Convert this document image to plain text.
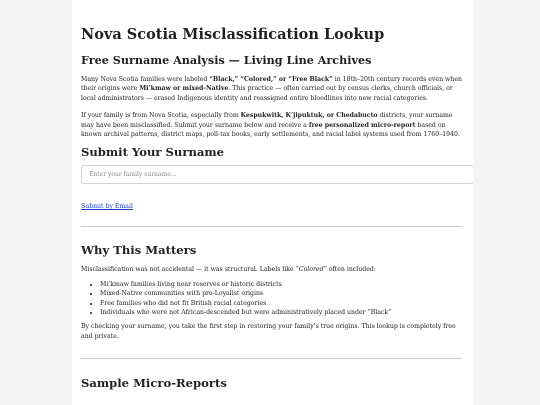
Nova Scotia Misclassification Lookup
Free Surname Analysis — Living Line Archives

Many Nova Scotia families were labeled “Black,” “Colored,” or “Free Black” in 18th–20th century records even when their origins were Mi’kmaw or mixed-Native. This practice — often carried out by census clerks, church officials, or local administrators — erased Indigenous identity and reassigned entire bloodlines into new racial categories.

If your family is from Nova Scotia, especially from Kespukwitk, K’jipuktuk, or Chedabucto districts, your surname may have been misclassified. Submit your surname below and receive a free personalized micro-report based on known archival patterns, district maps, poll-tax books, early settlements, and racial label systems used from 1760–1940.

Submit Your Surname
Enter your family surname... Submit by Email
Why This Matters

Misclassification was not accidental — it was structural. Labels like “Colored” often included:

• Mi’kmaw families living near reserves or historic districts
• Mixed-Native communities with pre-Loyalist origins
• Free families who did not fit British racial categories
• Individuals who were not African-descended but were administratively placed under “Black”

By checking your surname, you take the first step in restoring your family’s true origins. This lookup is completely free and private.

Sample Micro-Reports
